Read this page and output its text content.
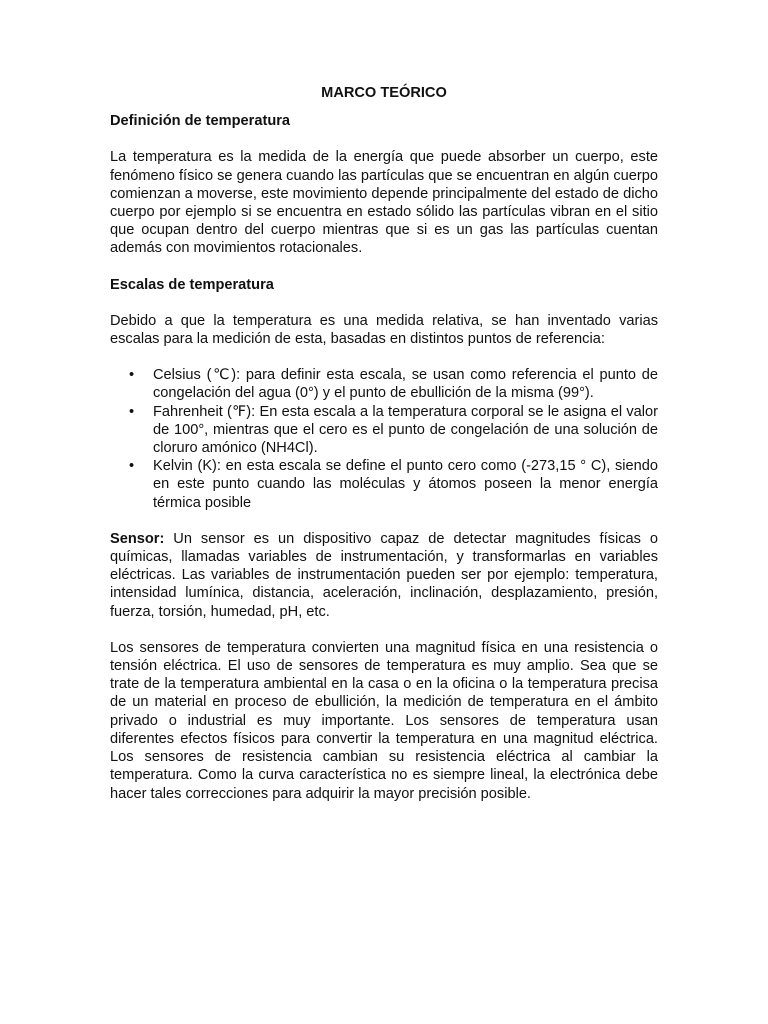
MARCO TEÓRICO
Definición de temperatura

La temperatura es la medida de la energía que puede absorber un cuerpo, este fenómeno físico se genera cuando las partículas que se encuentran en algún cuerpo comienzan a moverse, este movimiento depende principalmente del estado de dicho cuerpo por ejemplo si se encuentra en estado sólido las partículas vibran en el sitio que ocupan dentro del cuerpo mientras que si es un gas las partículas cuentan además con movimientos rotacionales.

Escalas de temperatura

Debido a que la temperatura es una medida relativa, se han inventado varias escalas para la medición de esta, basadas en distintos puntos de referencia:

• Celsius (℃): para definir esta escala, se usan como referencia el punto de congelación del agua (0°) y el punto de ebullición de la misma (99°).
• Fahrenheit (℉): En esta escala a la temperatura corporal se le asigna el valor de 100°, mientras que el cero es el punto de congelación de una solución de cloruro amónico (NH4Cl).
• Kelvin (K): en esta escala se define el punto cero como (-273,15 ° C), siendo en este punto cuando las moléculas y átomos poseen la menor energía térmica posible

Sensor: Un sensor es un dispositivo capaz de detectar magnitudes físicas o químicas, llamadas variables de instrumentación, y transformarlas en variables eléctricas. Las variables de instrumentación pueden ser por ejemplo: temperatura, intensidad lumínica, distancia, aceleración, inclinación, desplazamiento, presión, fuerza, torsión, humedad, pH, etc.

Los sensores de temperatura convierten una magnitud física en una resistencia o tensión eléctrica. El uso de sensores de temperatura es muy amplio. Sea que se trate de la temperatura ambiental en la casa o en la oficina o la temperatura precisa de un material en proceso de ebullición, la medición de temperatura en el ámbito privado o industrial es muy importante. Los sensores de temperatura usan diferentes efectos físicos para convertir la temperatura en una magnitud eléctrica. Los sensores de resistencia cambian su resistencia eléctrica al cambiar la temperatura. Como la curva característica no es siempre lineal, la electrónica debe hacer tales correcciones para adquirir la mayor precisión posible.
